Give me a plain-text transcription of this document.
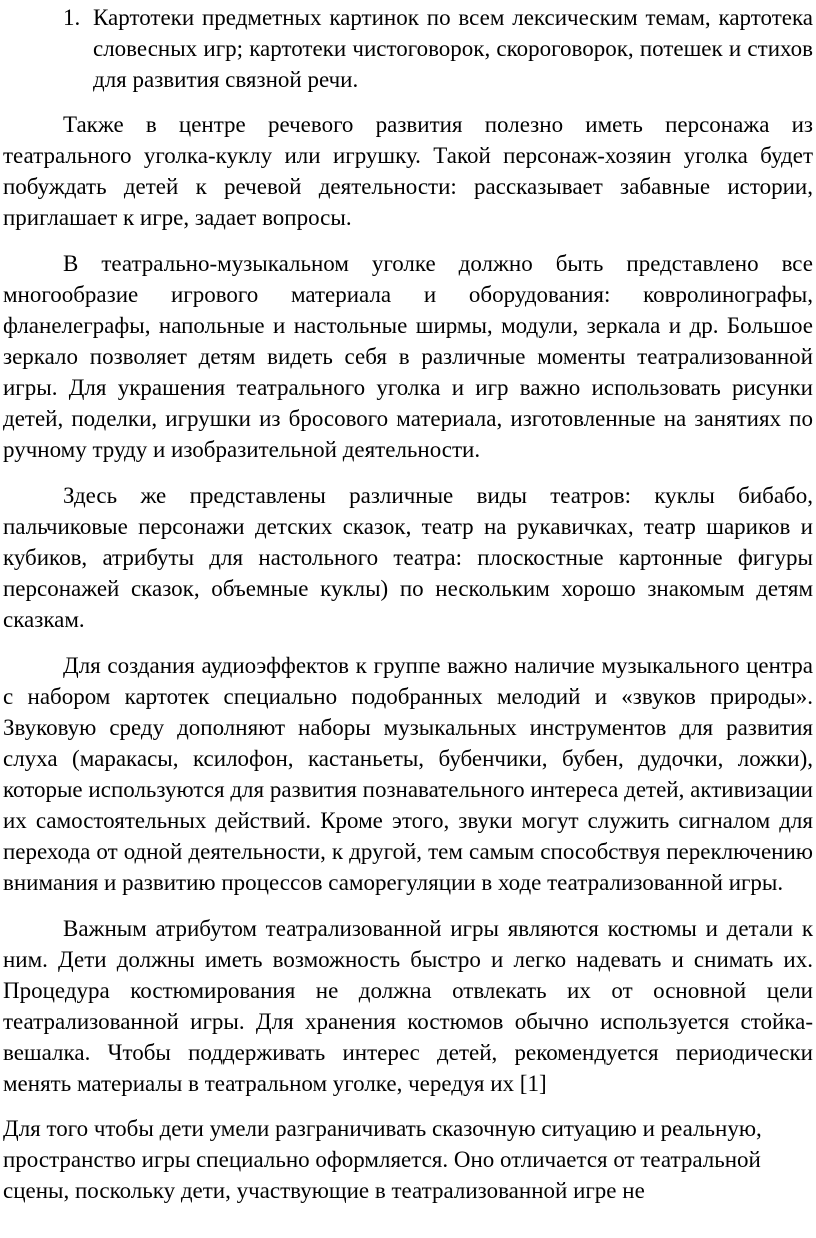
1. Картотеки предметных картинок по всем лексическим темам, картотека словесных игр; картотеки чистоговорок, скороговорок, потешек и стихов для развития связной речи.

Также в центре речевого развития полезно иметь персонажа из театрального уголка-куклу или игрушку. Такой персонаж-хозяин уголка будет побуждать детей к речевой деятельности: рассказывает забавные истории, приглашает к игре, задает вопросы.

В театрально-музыкальном уголке должно быть представлено все многообразие игрового материала и оборудования: ковролинографы, фланелеграфы, напольные и настольные ширмы, модули, зеркала и др. Большое зеркало позволяет детям видеть себя в различные моменты театрализованной игры. Для украшения театрального уголка и игр важно использовать рисунки детей, поделки, игрушки из бросового материала, изготовленные на занятиях по ручному труду и изобразительной деятельности.

Здесь же представлены различные виды театров: куклы бибабо, пальчиковые персонажи детских сказок, театр на рукавичках, театр шариков и кубиков, атрибуты для настольного театра: плоскостные картонные фигуры персонажей сказок, объемные куклы) по нескольким хорошо знакомым детям сказкам.

Для создания аудиоэффектов к группе важно наличие музыкального центра с набором картотек специально подобранных мелодий и «звуков природы». Звуковую среду дополняют наборы музыкальных инструментов для развития слуха (маракасы, ксилофон, кастаньеты, бубенчики, бубен, дудочки, ложки), которые используются для развития познавательного интереса детей, активизации их самостоятельных действий. Кроме этого, звуки могут служить сигналом для перехода от одной деятельности, к другой, тем самым способствуя переключению внимания и развитию процессов саморегуляции в ходе театрализованной игры.

Важным атрибутом театрализованной игры являются костюмы и детали к ним. Дети должны иметь возможность быстро и легко надевать и снимать их. Процедура костюмирования не должна отвлекать их от основной цели театрализованной игры. Для хранения костюмов обычно используется стойка-вешалка. Чтобы поддерживать интерес детей, рекомендуется периодически менять материалы в театральном уголке, чередуя их [1]

Для того чтобы дети умели разграничивать сказочную ситуацию и реальную, пространство игры специально оформляется. Оно отличается от театральной сцены, поскольку дети, участвующие в театрализованной игре не
